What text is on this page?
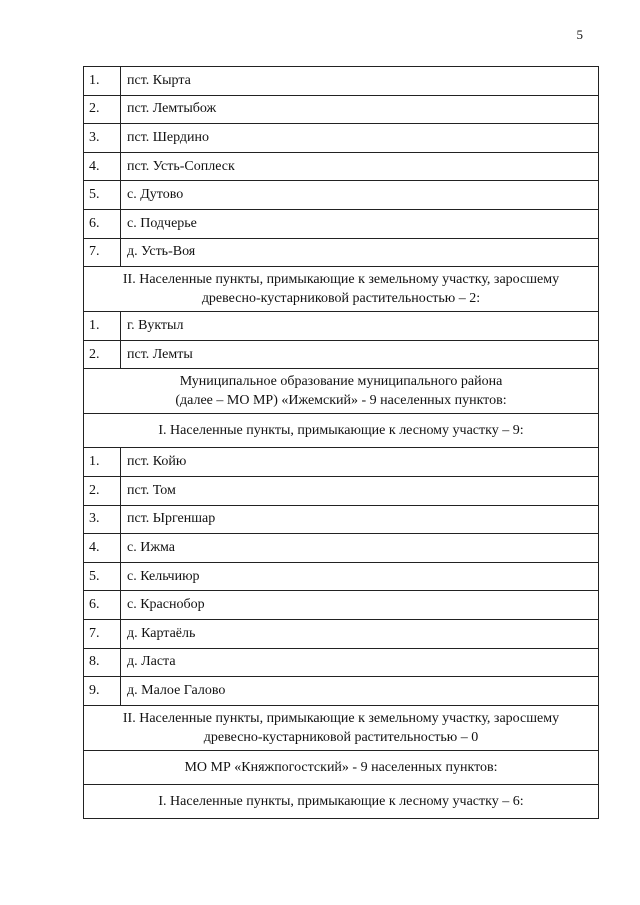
5
1.	пст. Кырта
2.	пст. Лемтыбож
3.	пст. Шердино
4.	пст. Усть-Соплеск
5.	с. Дутово
6.	с. Подчерье
7.	д. Усть-Воя

II. Населенные пункты, примыкающие к земельному участку, заросшему
древесно-кустарниковой растительностью – 2:	

1.	г. Вуктыл
2.	пст. Лемты

Муниципальное образование муниципального района
(далее – МО МР) «Ижемский» - 9 населенных пунктов:	

I. Населенные пункты, примыкающие к лесному участку – 9:	

1.	пст. Койю
2.	пст. Том
3.	пст. Ыргеншар
4.	с. Ижма
5.	с. Кельчиюр
6.	с. Краснобор
7.	д. Картаёль
8.	д. Ласта
9.	д. Малое Галово

II. Населенные пункты, примыкающие к земельному участку, заросшему
древесно-кустарниковой растительностью – 0	

МО МР «Княжпогостский» - 9 населенных пунктов:	

I. Населенные пункты, примыкающие к лесному участку – 6:	
